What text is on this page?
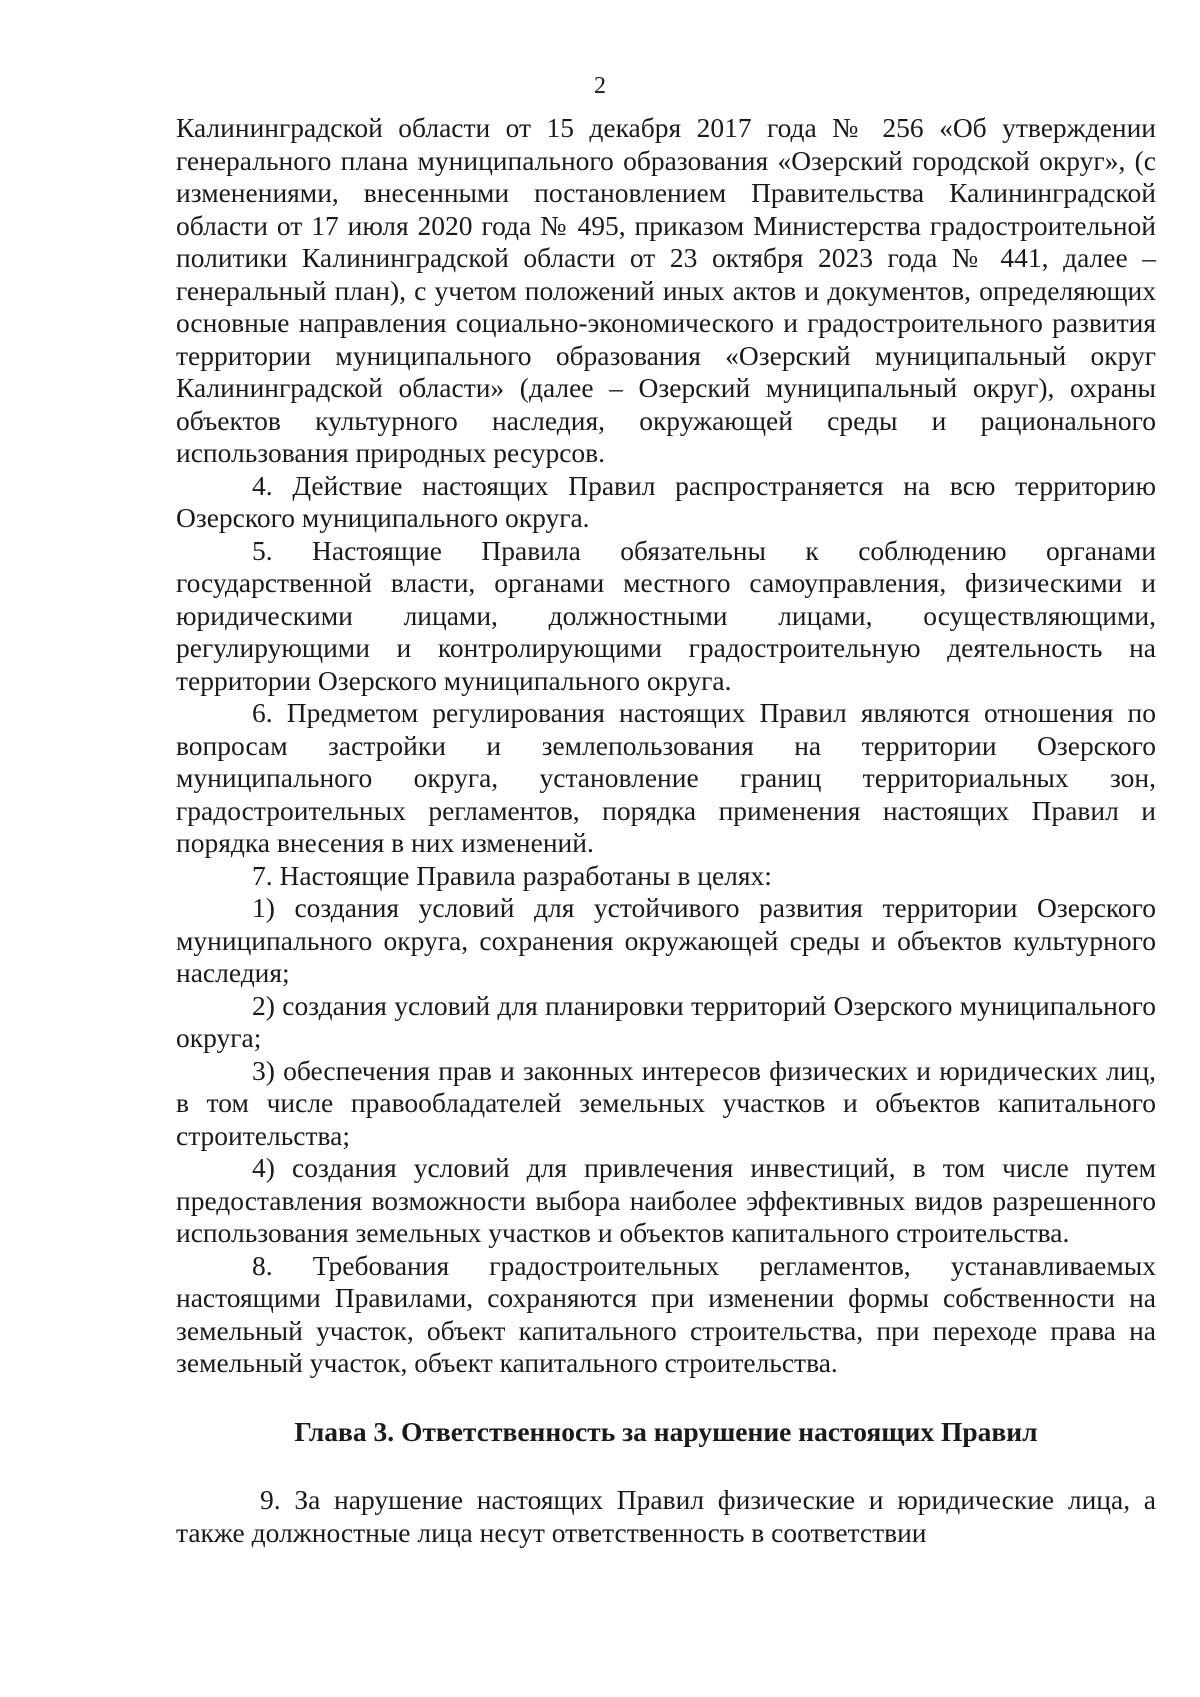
2

Калининградской области от 15 декабря 2017 года № 256 «Об утверждении генерального плана муниципального образования «Озерский городской округ», (с изменениями, внесенными постановлением Правительства Калининградской области от 17 июля 2020 года № 495, приказом Министерства градостроительной политики Калининградской области от 23 октября 2023 года № 441, далее – генеральный план), с учетом положений иных актов и документов, определяющих основные направления социально-экономического и градостроительного развития территории муниципального образования «Озерский муниципальный округ Калининградской области» (далее – Озерский муниципальный округ), охраны объектов культурного наследия, окружающей среды и рационального использования природных ресурсов.

4. Действие настоящих Правил распространяется на всю территорию Озерского муниципального округа.

5. Настоящие Правила обязательны к соблюдению органами государственной власти, органами местного самоуправления, физическими и юридическими лицами, должностными лицами, осуществляющими, регулирующими и контролирующими градостроительную деятельность на территории Озерского муниципального округа.

6. Предметом регулирования настоящих Правил являются отношения по вопросам застройки и землепользования на территории Озерского муниципального округа, установление границ территориальных зон, градостроительных регламентов, порядка применения настоящих Правил и порядка внесения в них изменений.

7. Настоящие Правила разработаны в целях:

1) создания условий для устойчивого развития территории Озерского муниципального округа, сохранения окружающей среды и объектов культурного наследия;

2) создания условий для планировки территорий Озерского муниципального округа;

3) обеспечения прав и законных интересов физических и юридических лиц, в том числе правообладателей земельных участков и объектов капитального строительства;

4) создания условий для привлечения инвестиций, в том числе путем предоставления возможности выбора наиболее эффективных видов разрешенного использования земельных участков и объектов капитального строительства.

8. Требования градостроительных регламентов, устанавливаемых настоящими Правилами, сохраняются при изменении формы собственности на земельный участок, объект капитального строительства, при переходе права на земельный участок, объект капитального строительства.

Глава 3. Ответственность за нарушение настоящих Правил

9. За нарушение настоящих Правил физические и юридические лица, а также должностные лица несут ответственность в соответствии
